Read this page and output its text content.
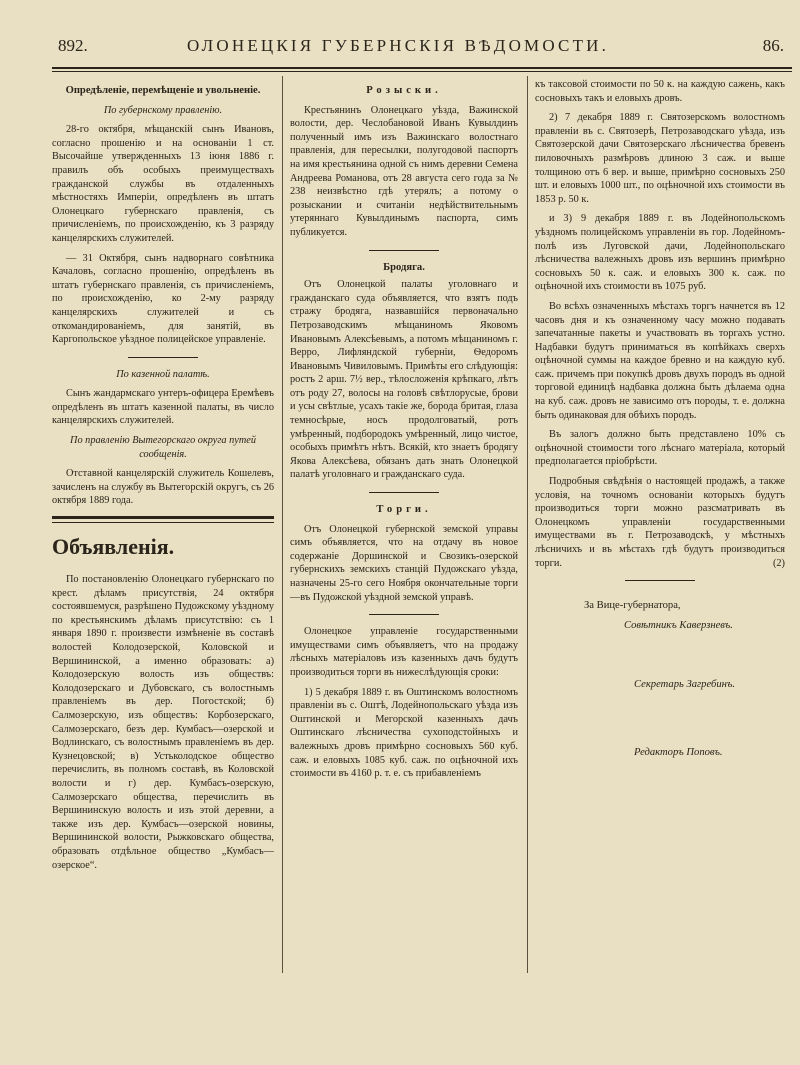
892.	ОЛОНЕЦКІЯ ГУБЕРНСКІЯ ВѢДОМОСТИ.	86.
Опредѣленіе, перемѣщеніе и увольненіе.
По губернскому правленію.

28-го октября, мѣщанскій сынъ Ивановъ, согласно прошенію и на основаніи 1 ст. Высочайше утвержденныхъ 13 іюня 1886 г. правилъ объ особыхъ преимуществахъ гражданской службы въ отдаленныхъ мѣстностяхъ Имперіи, опредѣленъ въ штатъ Олонецкаго губернскаго правленія, съ причисленіемъ, по происхожденію, къ 3 разряду канцелярскихъ служителей.

— 31 Октября, сынъ надворнаго совѣтника Качаловъ, согласно прошенію, опредѣленъ въ штатъ губернскаго правленія, съ причисленіемъ, по происхожденію, ко 2-му разряду канцелярскихъ служителей и съ откомандированіемъ, для занятій, въ Каргопольское уѣздное полицейское управленіе.

По казенной палатѣ.

Сынъ жандармскаго унтеръ-офицера Еремѣевъ опредѣленъ въ штатъ казенной палаты, въ число канцелярскихъ служителей.

По правленію Вытегорскаго округа путей сообщенія.

Отставной канцелярскій служитель Кошелевъ, зачисленъ на службу въ Вытегорскій округъ, съ 26 октября 1889 года.

Объявленія.

По постановленію Олонецкаго губернскаго по крест. дѣламъ присутствія, 24 октября состоявшемуся, разрѣшено Пудожскому уѣздному по крестьянскимъ дѣламъ присутствію: съ 1 января 1890 г. произвести измѣненіе въ составѣ волостей Колодозерской, Коловской и Вершининской, а именно образовать: а) Колодозерскую волость изъ обществъ: Колодозерскаго и Дубовскаго, съ волостнымъ правленіемъ въ дер. Погостской; б) Салмозерскую, изъ обществъ: Корбозерскаго, Салмозерскаго, безъ дер. Кумбасъ—озерской и Водлинскаго, съ волостнымъ правленіемъ въ дер. Кузнецовской; в) Устьколодское общество перечислить, въ полномъ составѣ, въ Коловской волости и г) дер. Кумбасъ-озерскую, Салмозерскаго общества, перечислить въ Вершининскую волость и изъ этой деревни, а также изъ дер. Кумбасъ—озерской новины, Вершининской волости, Рыжковскаго общества, образовать отдѣльное общество „Кумбасъ—озерское“.

Розыски.

Крестьянинъ Олонецкаго уѣзда, Важинской волости, дер. Чеслобановой Иванъ Кувылдинъ полученный имъ изъ Важинскаго волостнаго правленія, для пересылки, полугодовой паспортъ на имя крестьянина одной съ нимъ деревни Семена Андреева Романова, отъ 28 августа сего года за № 238 неизвѣстно гдѣ утерялъ; а потому о розыскании и считаніи недѣйствительнымъ утеряннаго Кувылдинымъ паспорта, симъ публикуется.

Бродяга.

Отъ Олонецкой палаты уголовнаго и гражданскаго суда объявляется, что взятъ подъ стражу бродяга, назвавшійся первоначально Петрозаводскимъ мѣщаниномъ Яковомъ Ивановымъ Алексѣевымъ, а потомъ мѣщаниномъ г. Верро, Лифляндской губерніи, Ѳедоромъ Ивановымъ Чивиловымъ. Примѣты его слѣдующія: ростъ 2 арш. 7½ вер., тѣлосложенія крѣпкаго, лѣтъ отъ роду 27, волосы на головѣ свѣтлорусые, брови и усы свѣтлые, усахъ такіе же, борода бритая, глаза темносѣрые, носъ продолговатый, ротъ умѣренный, подбородокъ умѣренный, лицо чистое, особыхъ примѣтъ нѣтъ. Всякій, кто знаетъ бродягу Якова Алексѣева, обязанъ дать знать Олонецкой палатѣ уголовнаго и гражданскаго суда.

Торги.

Отъ Олонецкой губернской земской управы симъ объявляется, что на отдачу въ новое содержаніе Доршинской и Свозикъ-озерской губернскихъ земскихъ станцій Пудожскаго уѣзда, назначены 25-го сего Ноября окончательные торги—въ Пудожской уѣздной земской управѣ.

Олонецкое управленіе государственными имуществами симъ объявляетъ, что на продажу лѣсныхъ матеріаловъ изъ казенныхъ дачъ будутъ производиться торги въ нижеслѣдующія сроки:

1) 5 декабря 1889 г. въ Оштинскомъ волостномъ правленіи въ с. Оштѣ, Лодейнопольскаго уѣзда изъ Оштинской и Мегорской казенныхъ дачъ Оштинскаго лѣсничества сухоподстойныхъ и валежныхъ дровъ примѣрно сосновыхъ 560 куб. саж. и еловыхъ 1085 куб. саж. по оцѣночной ихъ стоимости въ 4160 р. т. е. съ прибавленіемъ

къ таксовой стоимости по 50 к. на каждую сажень, какъ сосновыхъ такъ и еловыхъ дровъ.

2) 7 декабря 1889 г. Святозерскомъ волостномъ правленіи въ с. Святозерѣ, Петрозаводскаго уѣзда, изъ Святозерской дачи Святозерскаго лѣсничества бревенъ пиловочныхъ размѣровъ длиною 3 саж. и выше толщиною отъ 6 вер. и выше, примѣрно сосновыхъ 250 шт. и еловыхъ 1000 шт., по оцѣночной ихъ стоимости въ 1853 р. 50 к.

и 3) 9 декабря 1889 г. въ Лодейнопольскомъ уѣздномъ полицейскомъ управленіи въ гор. Лодейномъ-полѣ изъ Луговской дачи, Лодейнопольскаго лѣсничества валежныхъ дровъ изъ вершинъ примѣрно сосновыхъ 50 к. саж. и еловыхъ 300 к. саж. по оцѣночной ихъ стоимости въ 1075 руб.

Во всѣхъ означенныхъ мѣстахъ торгъ начнется въ 12 часовъ дня и къ означенному часу можно подавать запечатанные пакеты и участвовать въ торгахъ устно. Надбавки будутъ приниматься въ копѣйкахъ сверхъ оцѣночной суммы на каждое бревно и на каждую куб. саж. причемъ при покупкѣ дровъ двухъ породъ въ одной торговой единицѣ надбавка должна быть дѣлаема одна на куб. саж. дровъ не зависимо отъ породы, т. е. должна быть одинаковая для обѣихъ породъ.

Въ залогъ должно быть представлено 10% съ оцѣночной стоимости того лѣснаго матеріала, который предполагается пріобрѣсти.

Подробныя свѣдѣнія о настоящей продажѣ, а также условія, на точномъ основаніи которыхъ будутъ производиться торги можно разсматривать въ Олонецкомъ управленіи государственными имуществами въ г. Петрозаводскѣ, у мѣстныхъ лѣсничихъ и въ мѣстахъ гдѣ будутъ производиться торги.	(2)

За Вице-губернатора,

Совѣтникъ Каверзневъ.

Секретарь Загребинъ.

Редакторъ Поповъ.
